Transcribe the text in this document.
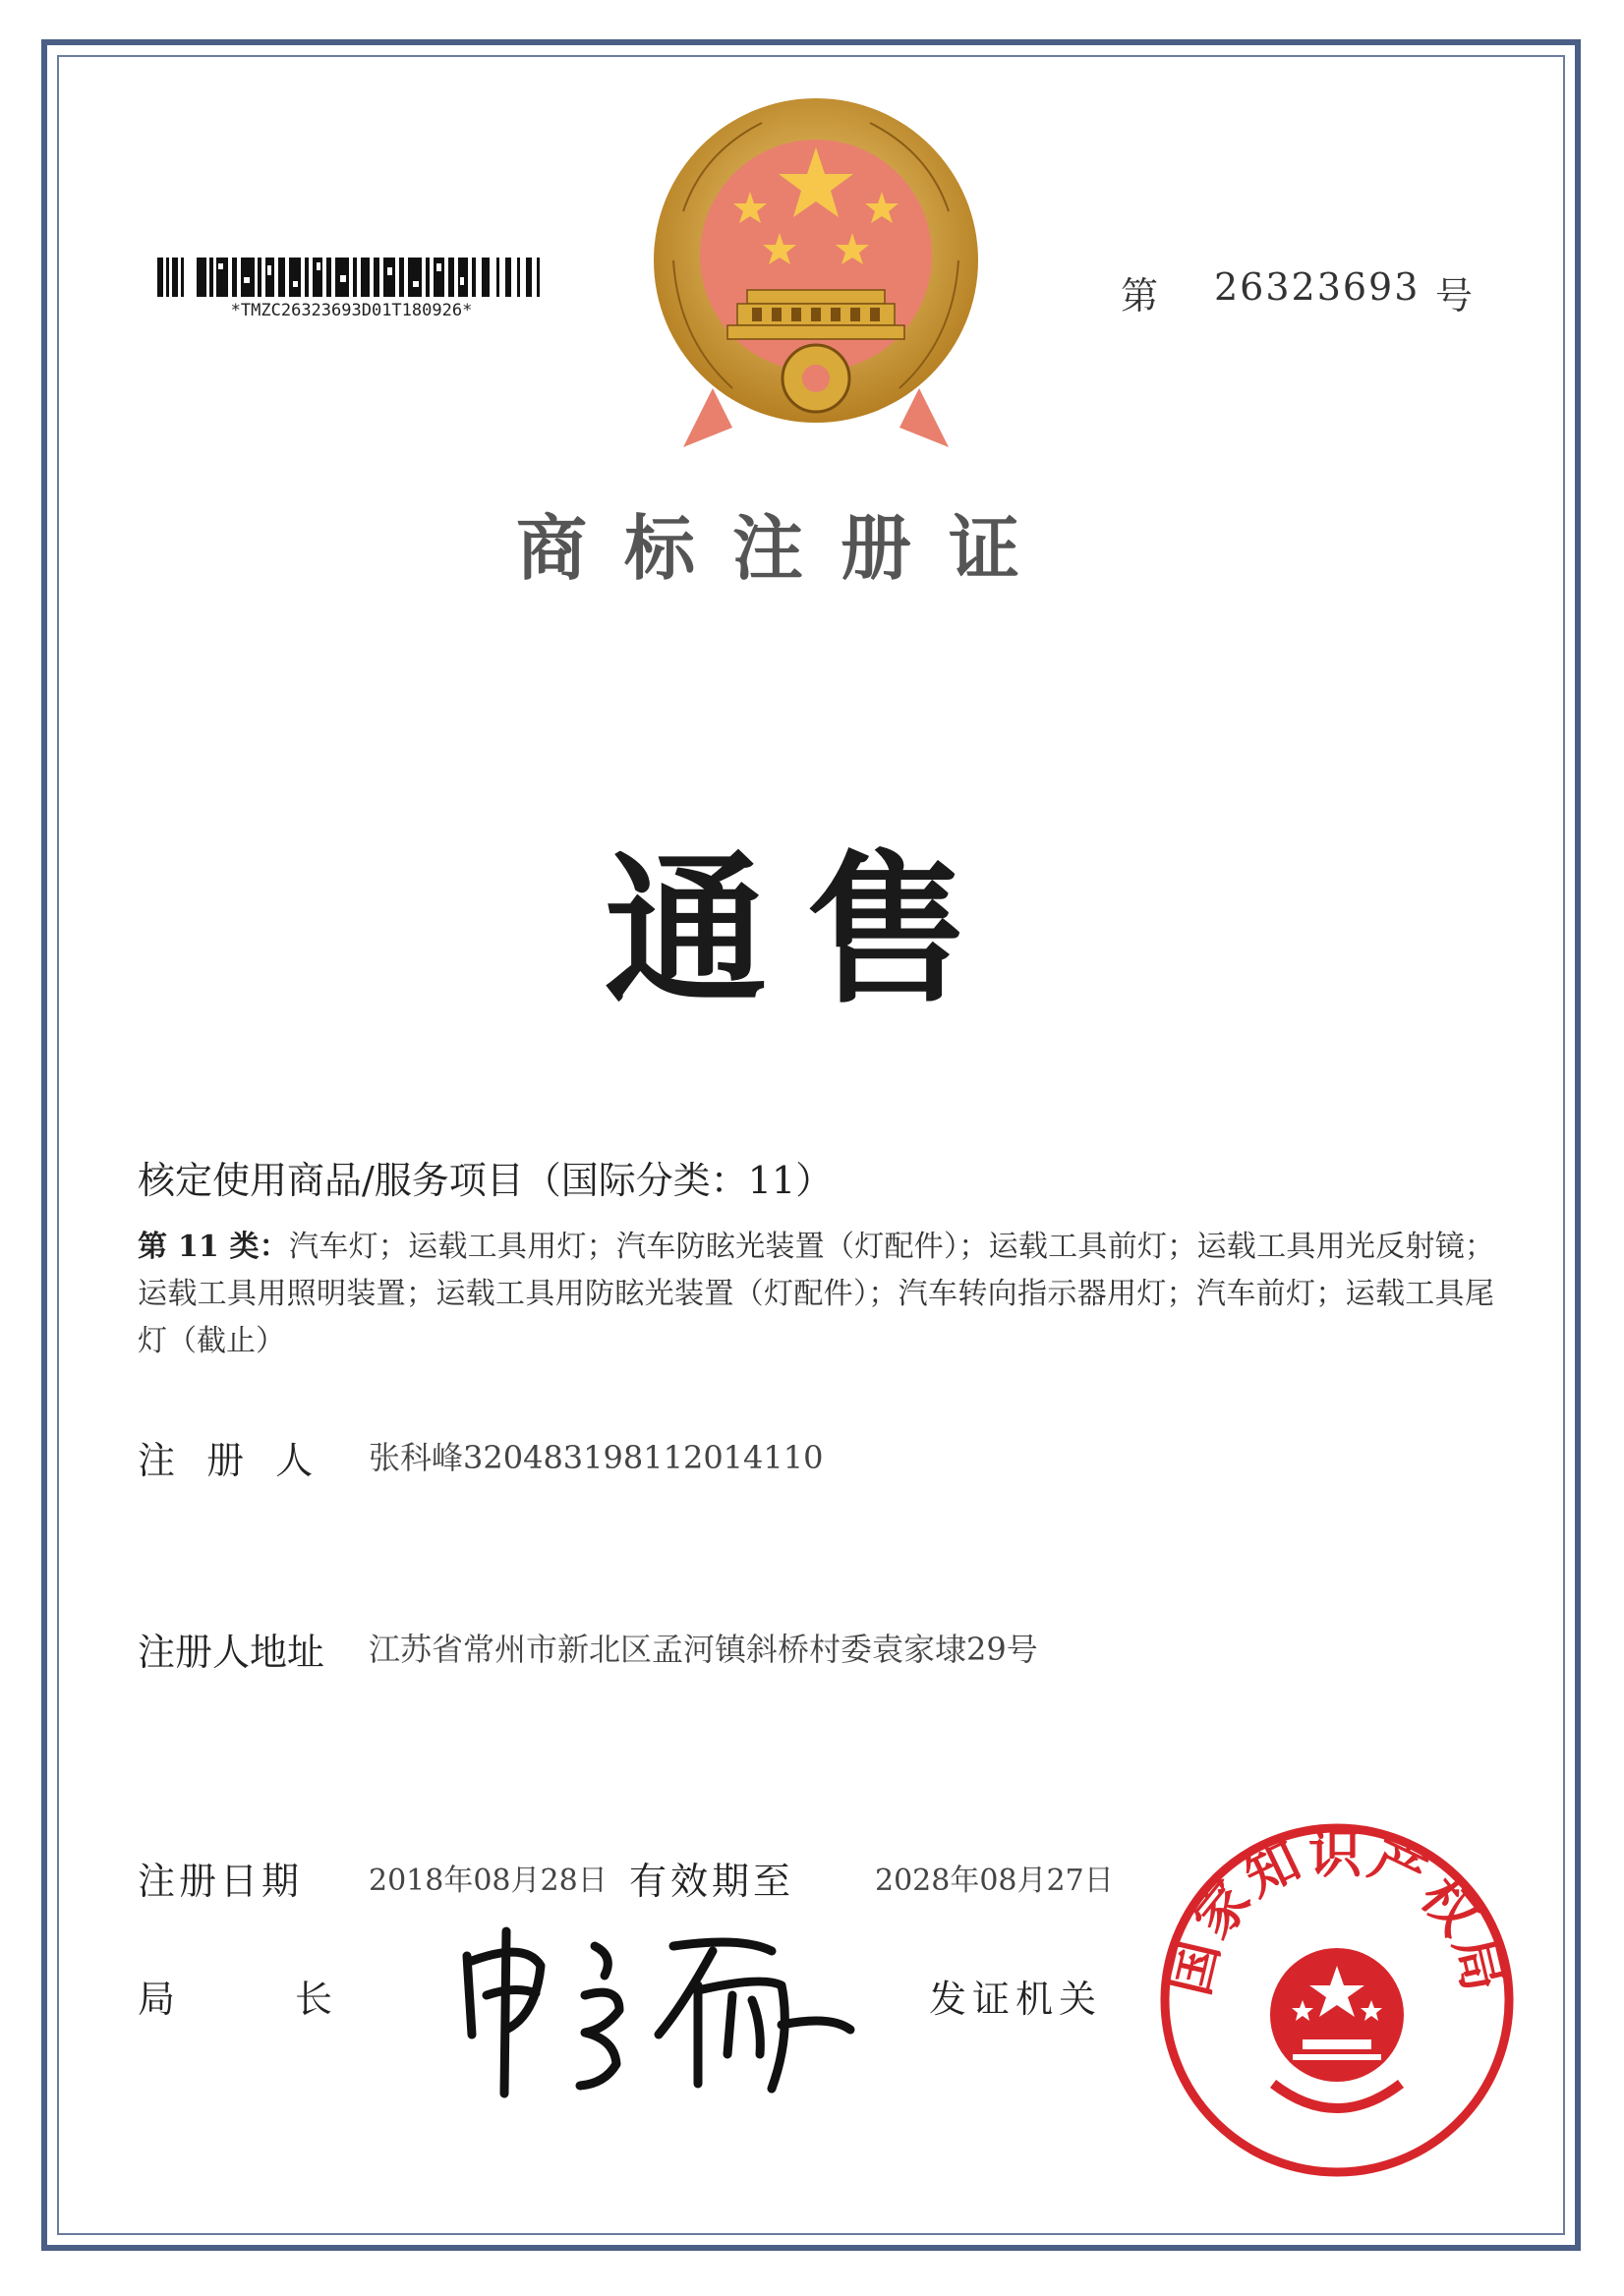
*TMZC26323693D01T180926*	第 26323693 号
商标注册证
通售
核定使用商品/服务项目（国际分类：11）
第 11 类：汽车灯；运载工具用灯；汽车防眩光装置（灯配件）；运载工具前灯；运载工具用光反射镜；运载工具用照明装置；运载工具用防眩光装置（灯配件）；汽车转向指示器用灯；汽车前灯；运载工具尾灯（截止）
注 册 人 张科峰320483198112014110
注册人地址 江苏省常州市新北区孟河镇斜桥村委袁家埭29号
注册日期 2018年08月28日 有效期至	2028年08月27日
局	长	发证机关 国家知识产权局
